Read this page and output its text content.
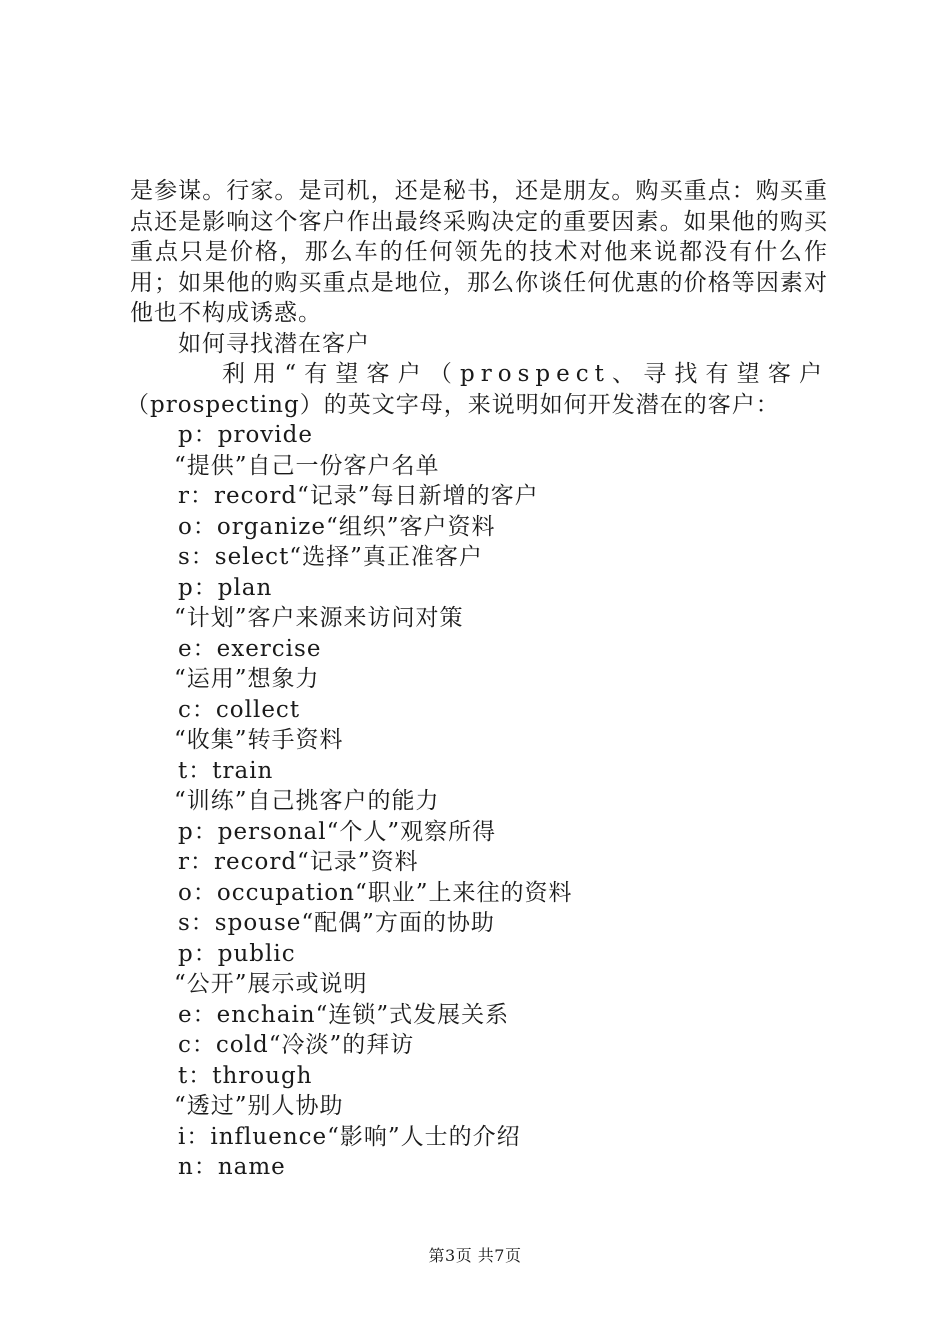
是参谋。行家。是司机，还是秘书，还是朋友。购买重点：购买重点还是影响这个客户作出最终采购决定的重要因素。如果他的购买重点只是价格，那么车的任何领先的技术对他来说都没有什么作用；如果他的购买重点是地位，那么你谈任何优惠的价格等因素对他也不构成诱惑。

如何寻找潜在客户

利用“有望客户（prospect、寻找有望客户
（prospecting）的英文字母，来说明如何开发潜在的客户：

p：provide
“提供”自己一份客户名单
r：record“记录”每日新增的客户
o：organize“组织”客户资料
s：select“选择”真正准客户
p：plan
“计划”客户来源来访问对策
e：exercise
“运用”想象力
c：collect
“收集”转手资料
t：train
“训练”自己挑客户的能力
p：personal“个人”观察所得
r：record“记录”资料
o：occupation“职业”上来往的资料
s：spouse“配偶”方面的协助
p：public
“公开”展示或说明
e：enchain“连锁”式发展关系
c：cold“冷淡”的拜访
t：through
“透过”别人协助
i：influence“影响”人士的介绍
n：name
第3页 共7页
